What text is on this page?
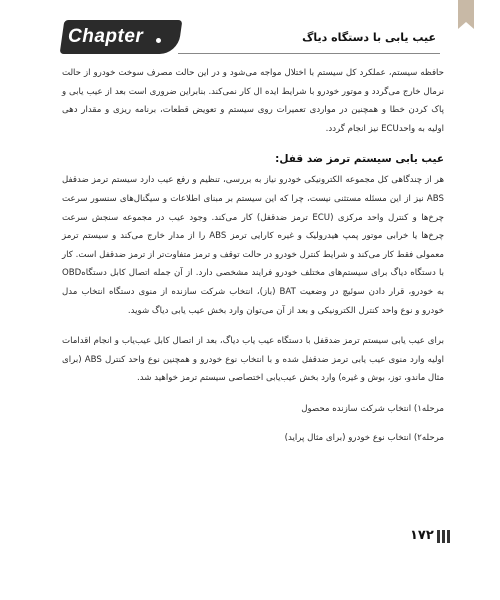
Chapter	عیب یابی با دستگاه دیاگ

حافظه سیستم، عملکرد کل سیستم با اختلال مواجه می‌شود و در این حالت مصرف سوخت خودرو از حالت نرمال خارج می‌گردد و موتور خودرو با شرایط ایده ال کار نمی‌کند. بنابراین ضروری است بعد از عیب یابی و پاک کردن خطا و همچنین در مواردی تعمیرات روی سیستم و تعویض قطعات، برنامه ریزی و مقدار دهی اولیه به واحدECU نیز انجام گردد.

عیب یابی سیستم ترمز ضد قفل:

هر از چندگاهی کل مجموعه الکترونیکی خودرو نیاز به بررسی، تنظیم و رفع عیب دارد سیستم ترمز ضدقفل ABS نیز از این مسئله مستثنی نیست، چرا که این سیستم بر مبنای اطلاعات و سیگنال‌های سنسور سرعت چرخ‌ها و کنترل واحد مرکزی (ECU ترمز ضدقفل) کار می‌کند. وجود عیب در مجموعه سنجش سرعت چرخ‌ها یا خرابی موتور پمپ هیدرولیک و غیره کارایی ترمز ABS را از مدار خارج می‌کند و سیستم ترمز معمولی فقط کار می‌کند و شرایط کنترل خودرو در حالت توقف و ترمز متفاوت‌تر از ترمز ضدقفل است. کار با دستگاه دیاگ برای سیستم‌های مختلف خودرو فرایند مشخصی دارد. از آن جمله اتصال کابل دستگاهOBD به خودرو، قرار دادن سوئیچ در وضعیت BAT (باز)، انتخاب شرکت سازنده از منوی دستگاه انتخاب مدل خودرو و نوع واحد کنترل الکترونیکی و بعد از آن می‌توان وارد بخش عیب یابی دیاگ شوید.

برای عیب یابی سیستم ترمز ضدقفل با دستگاه عیب یاب دیاگ، بعد از اتصال کابل عیب‌یاب و انجام اقدامات اولیه وارد منوی عیب یابی ترمز ضدقفل شده و با انتخاب نوع خودرو و همچنین نوع واحد کنترل ABS (برای مثال ماندو، توز، بوش و غیره) وارد بخش عیب‌یابی اختصاصی سیستم ترمز خواهید شد.

مرحله۱) انتخاب شرکت سازنده محصول
مرحله۲) انتخاب نوع خودرو (برای مثال پراید)
۱۷۲
